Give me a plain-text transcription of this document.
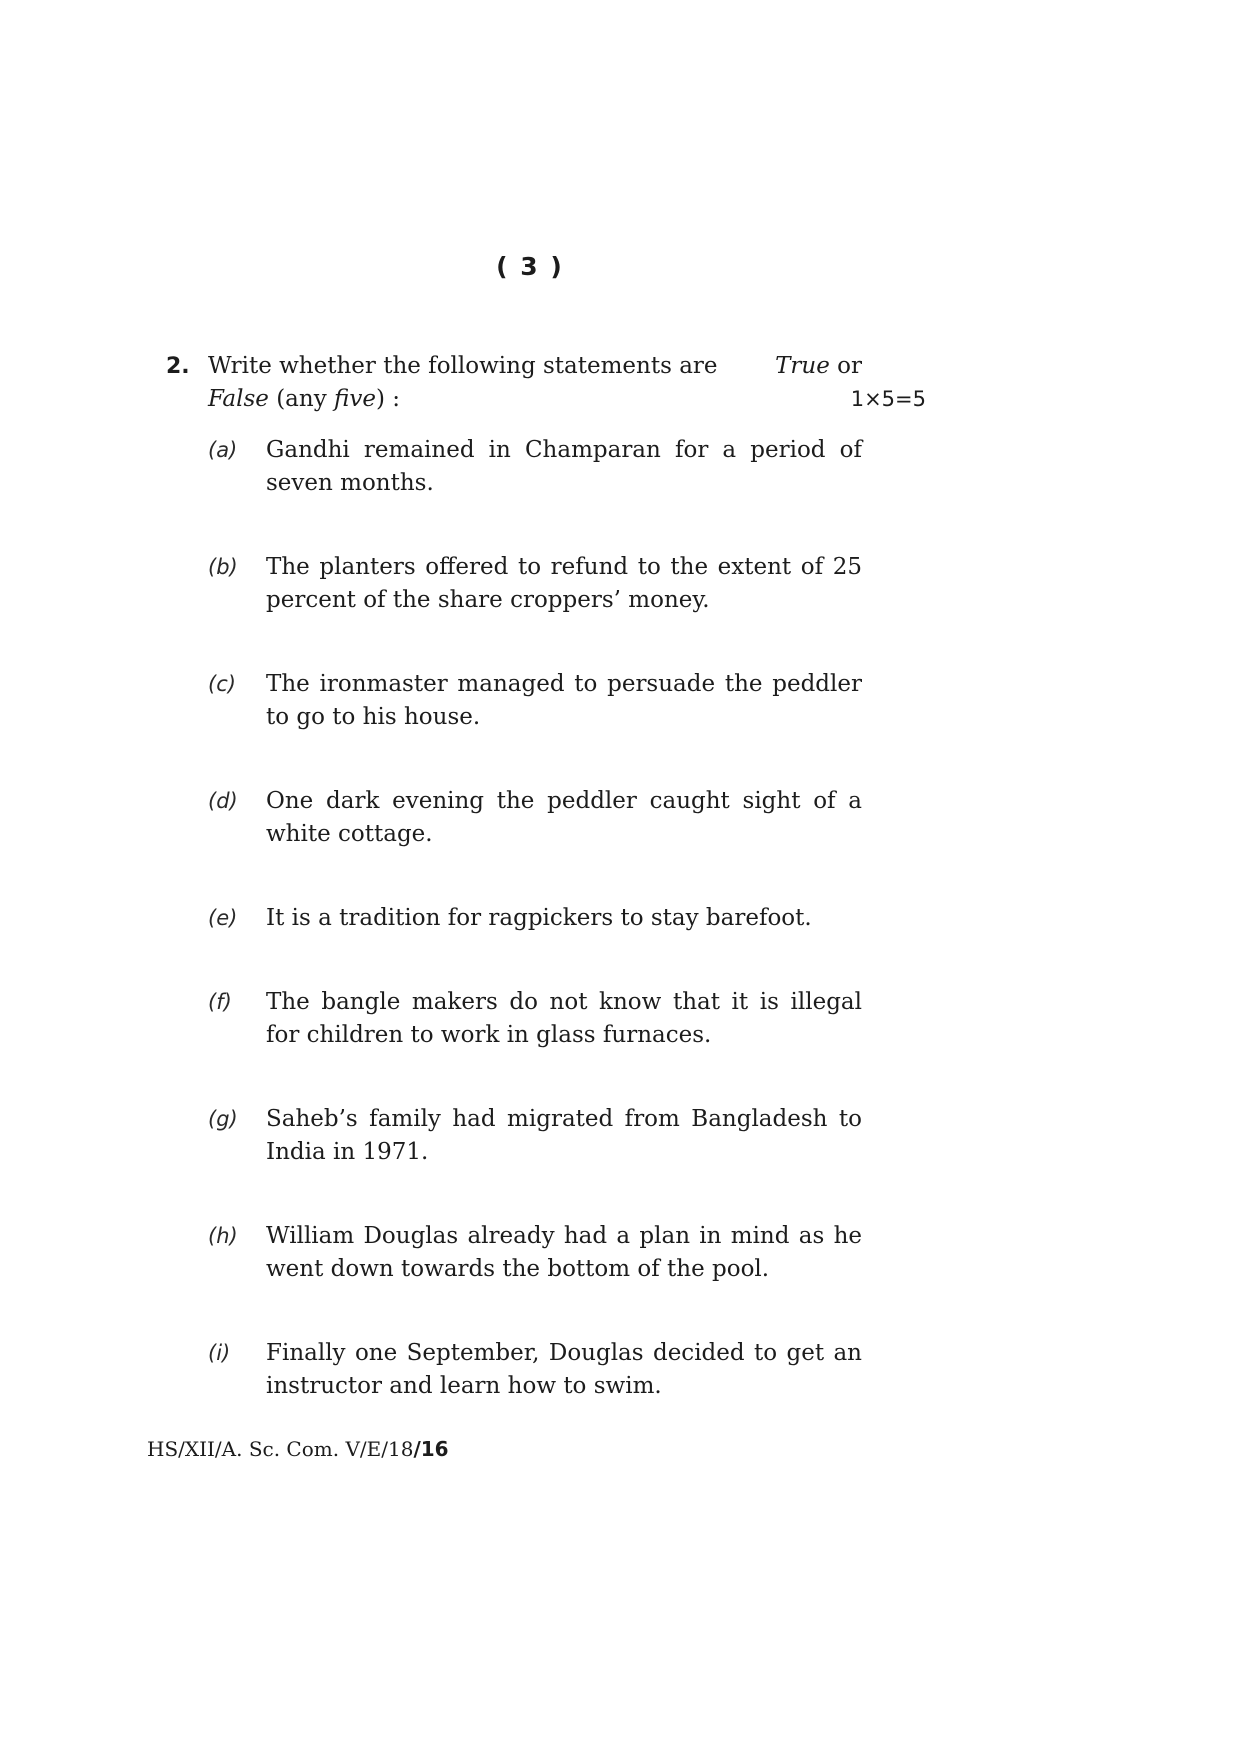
( 3 )
2. Write whether the following statements are	True or
False (any five) :	1×5=5
(a) Gandhi remained in Champaran for a period of seven months.
(b) The planters offered to refund to the extent of 25 percent of the share croppers’ money.
(c) The ironmaster managed to persuade the peddler to go to his house.
(d) One dark evening the peddler caught sight of a white cottage.
(e) It is a tradition for ragpickers to stay barefoot.
(f) The bangle makers do not know that it is illegal for children to work in glass furnaces.
(g) Saheb’s family had migrated from Bangladesh to India in 1971.
(h) William Douglas already had a plan in mind as he went down towards the bottom of the pool.
(i) Finally one September, Douglas decided to get an instructor and learn how to swim.
HS/XII/A. Sc. Com. V/E/18/16
